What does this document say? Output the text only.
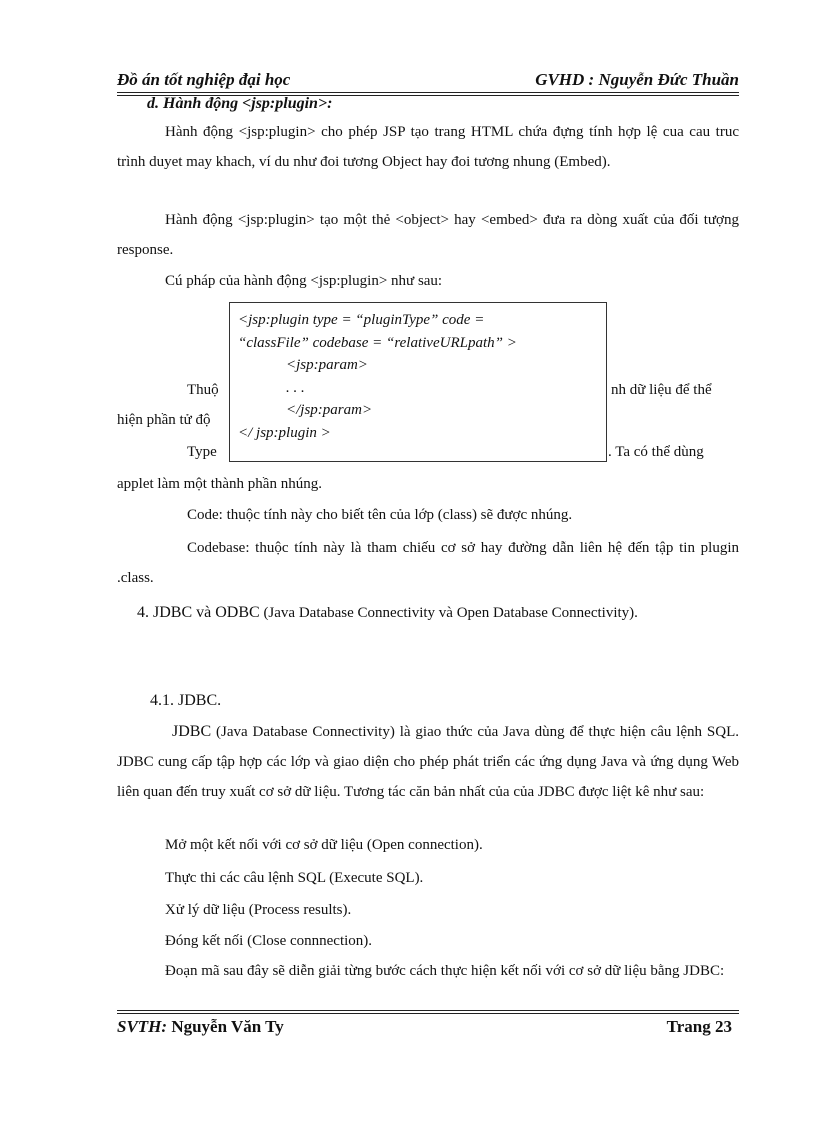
Đồ án tốt nghiệp đại học	GVHD : Nguyễn Đức Thuần
d. Hành động <jsp:plugin>:
Hành động <jsp:plugin> cho phép JSP tạo trang HTML chứa đựng tính hợp lệ cua cau truc trình duyet may khach, ví du như đoi tương Object hay đoi tương nhung (Embed).
Hành động <jsp:plugin> tạo một thẻ <object> hay <embed> đưa ra dòng xuất của đối tượng response.
Cú pháp của hành động <jsp:plugin> như sau:
Thuộ	nh dữ liệu để thể
hiện phần tử độ
Type	. Ta có thể dùng
applet làm một thành phần nhúng.
<jsp:plugin type = “pluginType” code =
“classFile” codebase = “relativeURLpath” >
<jsp:param>
. . .
</jsp:param>
</ jsp:plugin >
Code: thuộc tính này cho biết tên của lớp (class) sẽ được nhúng.
Codebase: thuộc tính này là tham chiếu cơ sở hay đường dẫn liên hệ đến tập tin plugin .class.
4. JDBC và ODBC (Java Database Connectivity và Open Database Connectivity).
4.1. JDBC.
JDBC (Java Database Connectivity) là giao thức của Java dùng để thực hiện câu lệnh SQL. JDBC cung cấp tập hợp các lớp và giao diện cho phép phát triển các ứng dụng Java và ứng dụng Web liên quan đến truy xuất cơ sở dữ liệu. Tương tác căn bản nhất của của JDBC được liệt kê như sau:
Mở một kết nối với cơ sở dữ liệu (Open connection).
Thực thi các câu lệnh SQL (Execute SQL).
Xử lý dữ liệu (Process results).
Đóng kết nối (Close connnection).
Đoạn mã sau đây sẽ diễn giải từng bước cách thực hiện kết nối với cơ sở dữ liệu bằng JDBC:
SVTH: Nguyễn Văn Ty	Trang 23
